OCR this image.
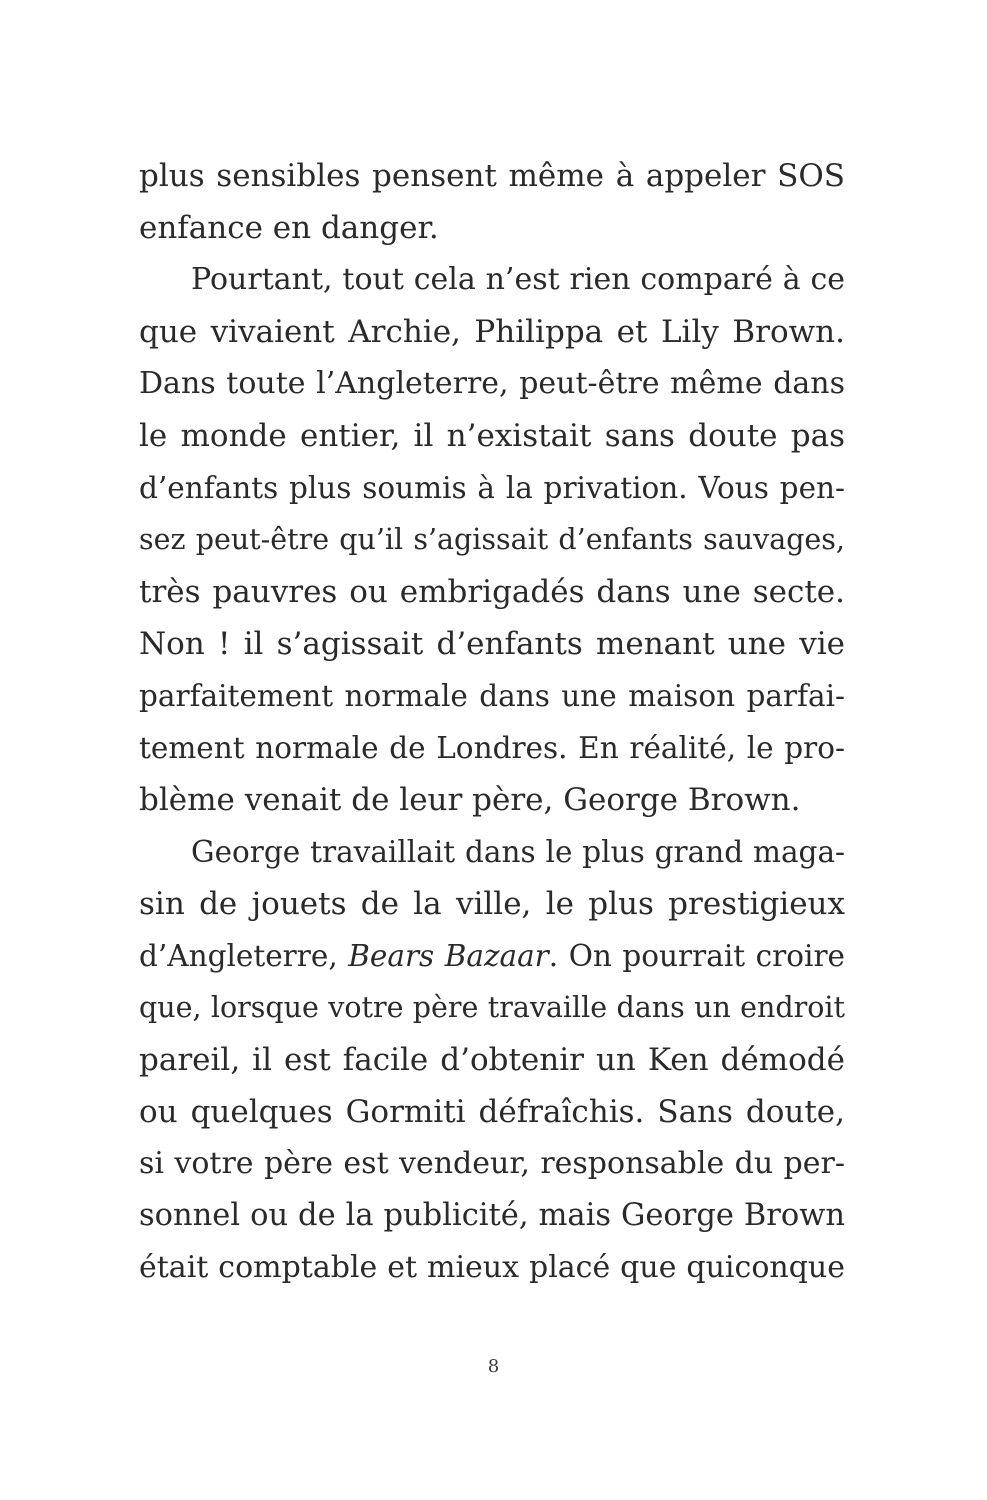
plus sensibles pensent même à appeler SOS
enfance en danger.
Pourtant, tout cela n’est rien comparé à ce
que vivaient Archie, Philippa et Lily Brown.
Dans toute l’Angleterre, peut-être même dans
le monde entier, il n’existait sans doute pas
d’enfants plus soumis à la privation. Vous pen-
sez peut-être qu’il s’agissait d’enfants sauvages,
très pauvres ou embrigadés dans une secte.
Non ! il s’agissait d’enfants menant une vie
parfaitement normale dans une maison parfai-
tement normale de Londres. En réalité, le pro-
blème venait de leur père, George Brown.
George travaillait dans le plus grand maga-
sin de jouets de la ville, le plus prestigieux
d’Angleterre, Bears Bazaar. On pourrait croire
que, lorsque votre père travaille dans un endroit
pareil, il est facile d’obtenir un Ken démodé
ou quelques Gormiti défraîchis. Sans doute,
si votre père est vendeur, responsable du per-
sonnel ou de la publicité, mais George Brown
était comptable et mieux placé que quiconque
8
